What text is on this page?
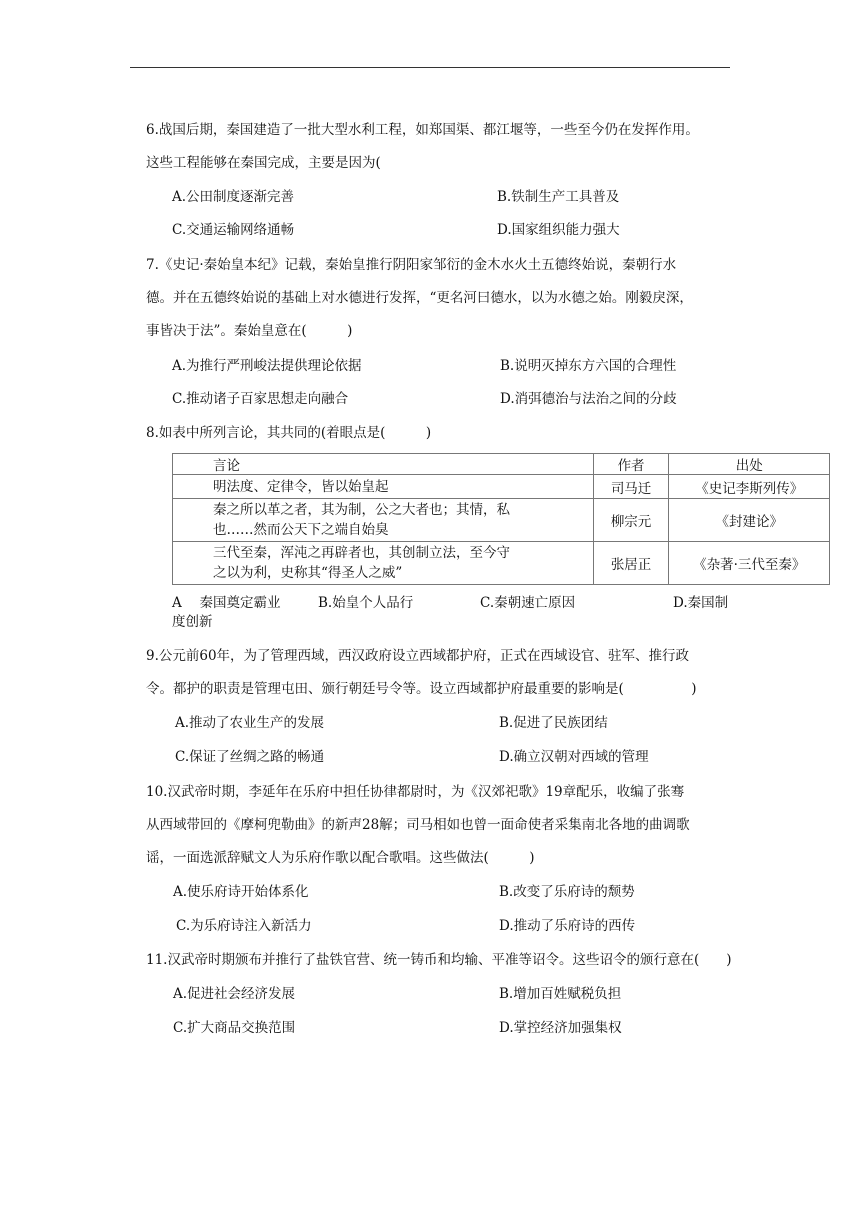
6.战国后期，秦国建造了一批大型水利工程，如郑国渠、都江堰等，一些至今仍在发挥作用。
这些工程能够在秦国完成，主要是因为(
A.公田制度逐渐完善	B.铁制生产工具普及
C.交通运输网络通畅	D.国家组织能力强大
7.《史记·秦始皇本纪》记载，秦始皇推行阴阳家邹衍的金木水火土五德终始说，秦朝行水
德。并在五德终始说的基础上对水德进行发挥，“更名河曰德水，以为水德之始。刚毅戾深，
事皆决于法”。秦始皇意在(　　　)
A.为推行严刑峻法提供理论依据	B.说明灭掉东方六国的合理性
C.推动诸子百家思想走向融合	D.消弭德治与法治之间的分歧
8.如表中所列言论，其共同的(着眼点是(　　　)
言论	作者	出处

明法度、定律令，皆以始皇起	司马迁	《史记李斯列传》

秦之所以革之者，其为制，公之大者也；其情，私
也……然而公天下之端自始臭	柳宗元	《封建论》

三代至秦，浑沌之再辟者也，其创制立法，至今守
之以为利，史称其“得圣人之威”	张居正	《杂著·三代至秦》
A　 秦国奠定霸业	B.始皇个人品行	C.秦朝速亡原因	D.秦国制
度创新
9.公元前60年，为了管理西域，西汉政府设立西域都护府，正式在西域设官、驻军、推行政
令。都护的职责是管理屯田、颁行朝廷号令等。设立西域都护府最重要的影响是(　　　　　)
A.推动了农业生产的发展	B.促进了民族团结
C.保证了丝绸之路的畅通	D.确立汉朝对西域的管理
10.汉武帝时期，李延年在乐府中担任协律都尉时，为《汉郊祀歌》19章配乐，收编了张骞
从西域带回的《摩柯兜勒曲》的新声28解；司马相如也曾一面命使者采集南北各地的曲调歌
谣，一面选派辞赋文人为乐府作歌以配合歌唱。这些做法(　　　)
A.使乐府诗开始体系化	B.改变了乐府诗的颓势
C.为乐府诗注入新活力	D.推动了乐府诗的西传
11.汉武帝时期颁布并推行了盐铁官营、统一铸币和均输、平准等诏令。这些诏令的颁行意在(　　)
A.促进社会经济发展	B.增加百姓赋税负担
C.扩大商品交换范围	D.掌控经济加强集权
